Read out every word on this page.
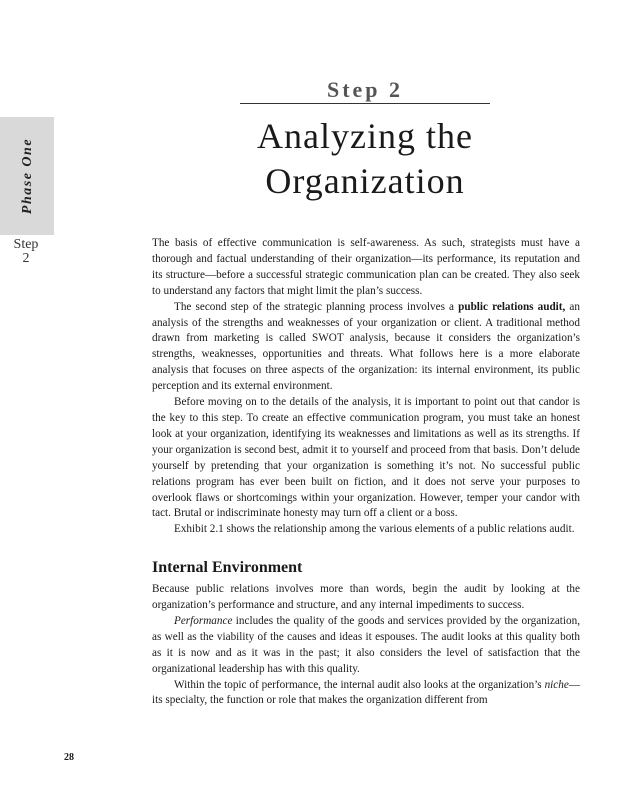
Phase One
Step
2
Step 2
Analyzing the
Organization

The basis of effective communication is self-awareness. As such, strategists must have a thorough and factual understanding of their organization—its performance, its reputation and its structure—before a successful strategic communication plan can be created. They also seek to understand any factors that might limit the plan’s success.

The second step of the strategic planning process involves a public relations audit, an analysis of the strengths and weaknesses of your organization or client. A traditional method drawn from marketing is called SWOT analysis, because it considers the organization’s strengths, weaknesses, opportunities and threats. What follows here is a more elaborate analysis that focuses on three aspects of the organization: its internal environment, its public perception and its external environment.

Before moving on to the details of the analysis, it is important to point out that candor is the key to this step. To create an effective communication program, you must take an honest look at your organization, identifying its weaknesses and limitations as well as its strengths. If your organization is second best, admit it to yourself and proceed from that basis. Don’t delude yourself by pretending that your organization is something it’s not. No successful public relations program has ever been built on fiction, and it does not serve your purposes to overlook flaws or shortcomings within your organization. However, temper your candor with tact. Brutal or indiscriminate honesty may turn off a client or a boss.

Exhibit 2.1 shows the relationship among the various elements of a public relations audit.

Internal Environment

Because public relations involves more than words, begin the audit by looking at the organization’s performance and structure, and any internal impediments to success.

Performance includes the quality of the goods and services provided by the organization, as well as the viability of the causes and ideas it espouses. The audit looks at this quality both as it is now and as it was in the past; it also considers the level of satisfaction that the organizational leadership has with this quality.

Within the topic of performance, the internal audit also looks at the organization’s niche—its specialty, the function or role that makes the organization different from

28
